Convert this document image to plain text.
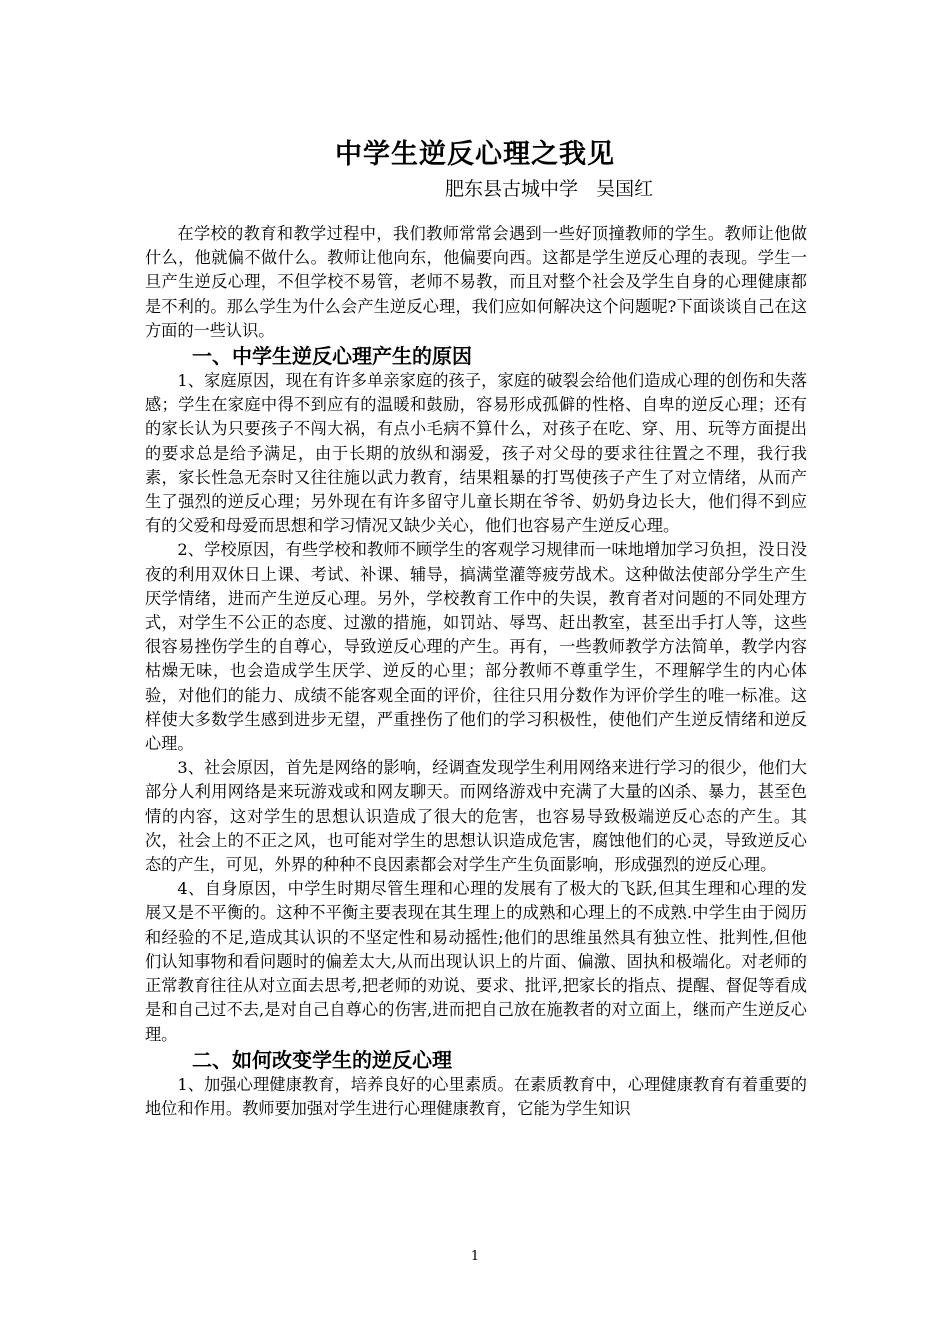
中学生逆反心理之我见
肥东县古城中学   吴国红

在学校的教育和教学过程中，我们教师常常会遇到一些好顶撞教师的学生。教师让他做什么，他就偏不做什么。教师让他向东，他偏要向西。这都是学生逆反心理的表现。学生一旦产生逆反心理，不但学校不易管，老师不易教，而且对整个社会及学生自身的心理健康都是不利的。那么学生为什么会产生逆反心理，我们应如何解决这个问题呢?下面谈谈自己在这方面的一些认识。

一、中学生逆反心理产生的原因

1、家庭原因，现在有许多单亲家庭的孩子，家庭的破裂会给他们造成心理的创伤和失落感；学生在家庭中得不到应有的温暖和鼓励，容易形成孤僻的性格、自卑的逆反心理；还有的家长认为只要孩子不闯大祸，有点小毛病不算什么，对孩子在吃、穿、用、玩等方面提出的要求总是给予满足，由于长期的放纵和溺爱，孩子对父母的要求往往置之不理，我行我素，家长性急无奈时又往往施以武力教育，结果粗暴的打骂使孩子产生了对立情绪，从而产生了强烈的逆反心理；另外现在有许多留守儿童长期在爷爷、奶奶身边长大，他们得不到应有的父爱和母爱而思想和学习情况又缺少关心，他们也容易产生逆反心理。

2、学校原因，有些学校和教师不顾学生的客观学习规律而一味地增加学习负担，没日没夜的利用双休日上课、考试、补课、辅导，搞满堂灌等疲劳战术。这种做法使部分学生产生厌学情绪，进而产生逆反心理。另外，学校教育工作中的失误，教育者对问题的不同处理方式，对学生不公正的态度、过激的措施，如罚站、辱骂、赶出教室，甚至出手打人等，这些很容易挫伤学生的自尊心，导致逆反心理的产生。再有，一些教师教学方法简单，教学内容枯燥无味，也会造成学生厌学、逆反的心里；部分教师不尊重学生，不理解学生的内心体验，对他们的能力、成绩不能客观全面的评价，往往只用分数作为评价学生的唯一标准。这样使大多数学生感到进步无望，严重挫伤了他们的学习积极性，使他们产生逆反情绪和逆反心理。

3、社会原因，首先是网络的影响，经调查发现学生利用网络来进行学习的很少，他们大部分人利用网络是来玩游戏或和网友聊天。而网络游戏中充满了大量的凶杀、暴力，甚至色情的内容，这对学生的思想认识造成了很大的危害，也容易导致极端逆反心态的产生。其次，社会上的不正之风，也可能对学生的思想认识造成危害，腐蚀他们的心灵，导致逆反心态的产生，可见，外界的种种不良因素都会对学生产生负面影响，形成强烈的逆反心理。

4、自身原因，中学生时期尽管生理和心理的发展有了极大的飞跃,但其生理和心理的发展又是不平衡的。这种不平衡主要表现在其生理上的成熟和心理上的不成熟.中学生由于阅历和经验的不足,造成其认识的不坚定性和易动摇性;他们的思维虽然具有独立性、批判性,但他们认知事物和看问题时的偏差太大,从而出现认识上的片面、偏激、固执和极端化。对老师的正常教育往往从对立面去思考,把老师的劝说、要求、批评,把家长的指点、提醒、督促等看成是和自己过不去,是对自己自尊心的伤害,进而把自己放在施教者的对立面上，继而产生逆反心理。

二、如何改变学生的逆反心理

1、加强心理健康教育，培养良好的心里素质。在素质教育中，心理健康教育有着重要的地位和作用。教师要加强对学生进行心理健康教育，它能为学生知识

1
